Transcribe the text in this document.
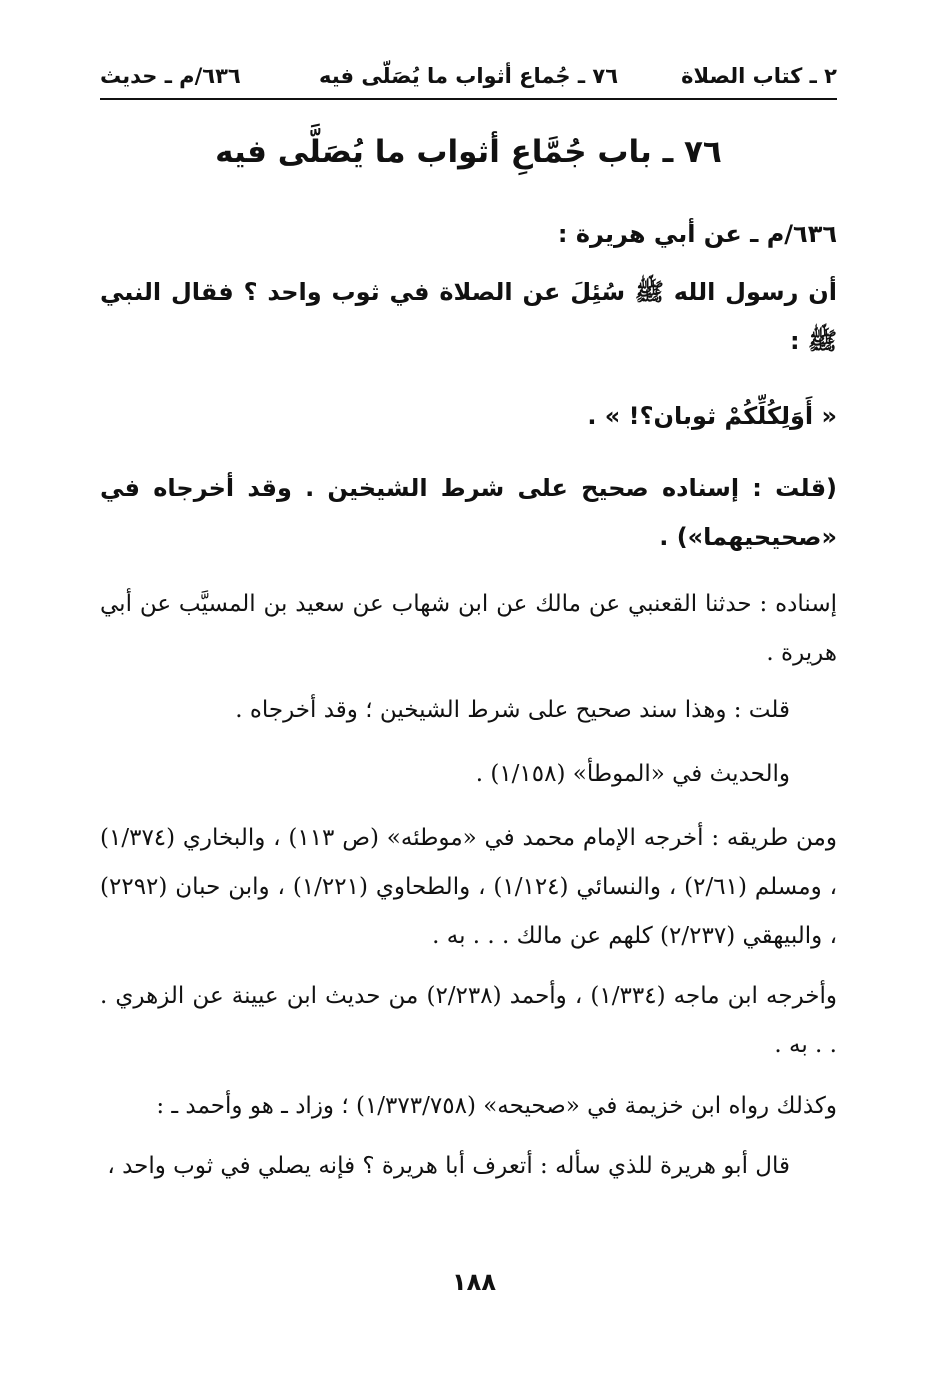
٢ ـ كتاب الصلاة
٧٦ ـ جُماع أثواب ما يُصَلّى فيه
٦٣٦/م ـ حديث
٧٦ ـ باب جُمَّاعِ أثواب ما يُصَلَّى فيه
٦٣٦/م ـ عن أبي هريرة :
أن رسول الله ﷺ سُئِلَ عن الصلاة في ثوب واحد ؟ فقال النبي ﷺ :
« أَوَلِكُلِّكُمْ ثوبان؟! » .
(قلت : إسناده صحيح على شرط الشيخين . وقد أخرجاه في «صحيحيهما») .
إسناده : حدثنا القعنبي عن مالك عن ابن شهاب عن سعيد بن المسيَّب عن أبي هريرة .
قلت : وهذا سند صحيح على شرط الشيخين ؛ وقد أخرجاه .
والحديث في «الموطأ» (١/١٥٨) .
ومن طريقه : أخرجه الإمام محمد في «موطئه» (ص ١١٣) ، والبخاري (١/٣٧٤) ، ومسلم (٢/٦١) ، والنسائي (١/١٢٤) ، والطحاوي (١/٢٢١) ، وابن حبان (٢٢٩٢) ، والبيهقي (٢/٢٣٧) كلهم عن مالك . . . به .
وأخرجه ابن ماجه (١/٣٣٤) ، وأحمد (٢/٢٣٨) من حديث ابن عيينة عن الزهري . . . به .
وكذلك رواه ابن خزيمة في «صحيحه» (١/٣٧٣/٧٥٨) ؛ وزاد ـ هو وأحمد ـ :
قال أبو هريرة للذي سأله : أتعرف أبا هريرة ؟ فإنه يصلي في ثوب واحد ،
١٨٨
